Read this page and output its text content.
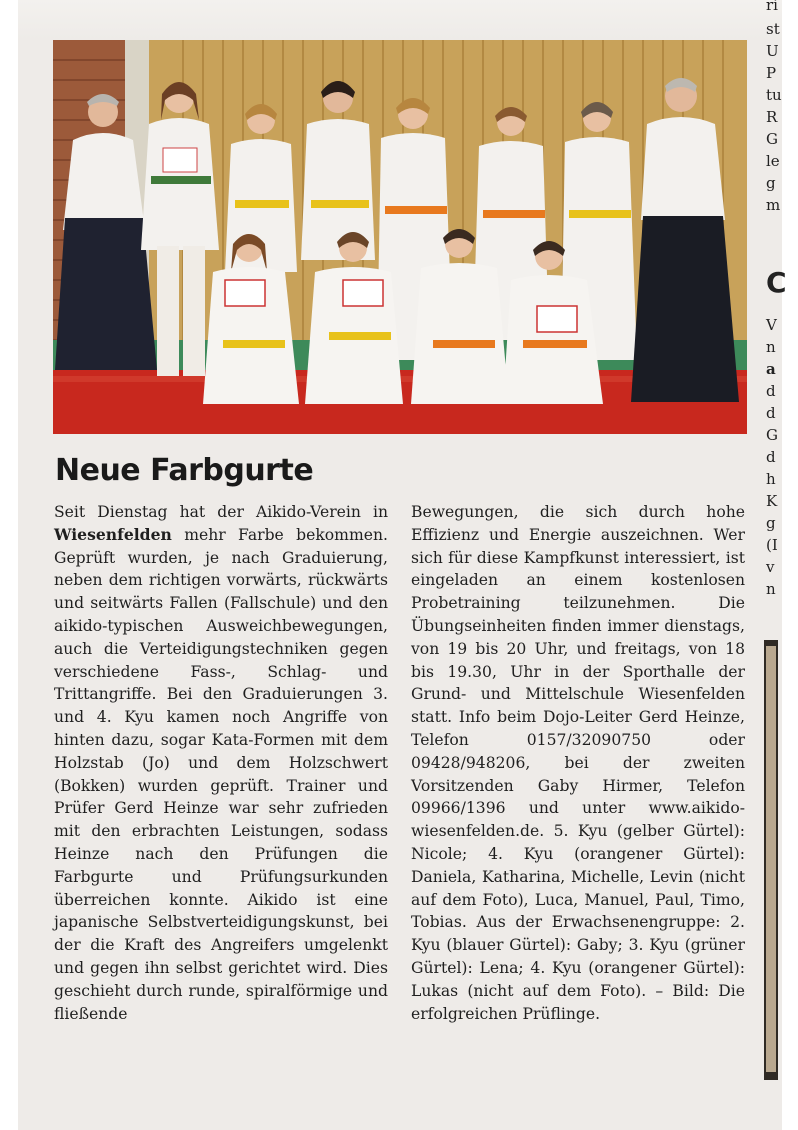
Neue Farbgurte

Seit Dienstag hat der Aikido-Verein in Wiesenfelden mehr Farbe bekommen. Geprüft wurden, je nach Graduierung, neben dem richtigen vorwärts, rückwärts und seitwärts Fallen (Fallschule) und den aikido-typischen Ausweichbewegungen, auch die Verteidigungstechniken gegen verschiedene Fass-, Schlag- und Trittangriffe. Bei den Graduierungen 3. und 4. Kyu kamen noch Angriffe von hinten dazu, sogar Kata-Formen mit dem Holzstab (Jo) und dem Holzschwert (Bokken) wurden geprüft. Trainer und Prüfer Gerd Heinze war sehr zufrieden mit den erbrachten Leistungen, sodass Heinze nach den Prüfungen die Farbgurte und Prüfungsurkunden überreichen konnte. Aikido ist eine japanische Selbstverteidigungskunst, bei der die Kraft des Angreifers umgelenkt und gegen ihn selbst gerichtet wird. Dies geschieht durch runde, spiralförmige und fließende

Bewegungen, die sich durch hohe Effizienz und Energie auszeichnen. Wer sich für diese Kampfkunst interessiert, ist eingeladen an einem kostenlosen Probetraining teilzunehmen. Die Übungseinheiten finden immer dienstags, von 19 bis 20 Uhr, und freitags, von 18 bis 19.30, Uhr in der Sporthalle der Grund- und Mittelschule Wiesenfelden statt. Info beim Dojo-Leiter Gerd Heinze, Telefon 0157/32090750 oder 09428/948206, bei der zweiten Vorsitzenden Gaby Hirmer, Telefon 09966/1396 und unter www.aikido-wiesenfelden.de. 5. Kyu (gelber Gürtel): Nicole; 4. Kyu (orangener Gürtel): Daniela, Katharina, Michelle, Levin (nicht auf dem Foto), Luca, Manuel, Paul, Timo, Tobias. Aus der Erwachsenengruppe: 2. Kyu (blauer Gürtel): Gaby; 3. Kyu (grüner Gürtel): Lena; 4. Kyu (orangener Gürtel): Lukas (nicht auf dem Foto). – Bild: Die erfolgreichen Prüflinge.

ri
st
U
P
tu
R
G
le
g
m
C
V
n
a
d
d
G
d
h
K
g
(I
v
n
